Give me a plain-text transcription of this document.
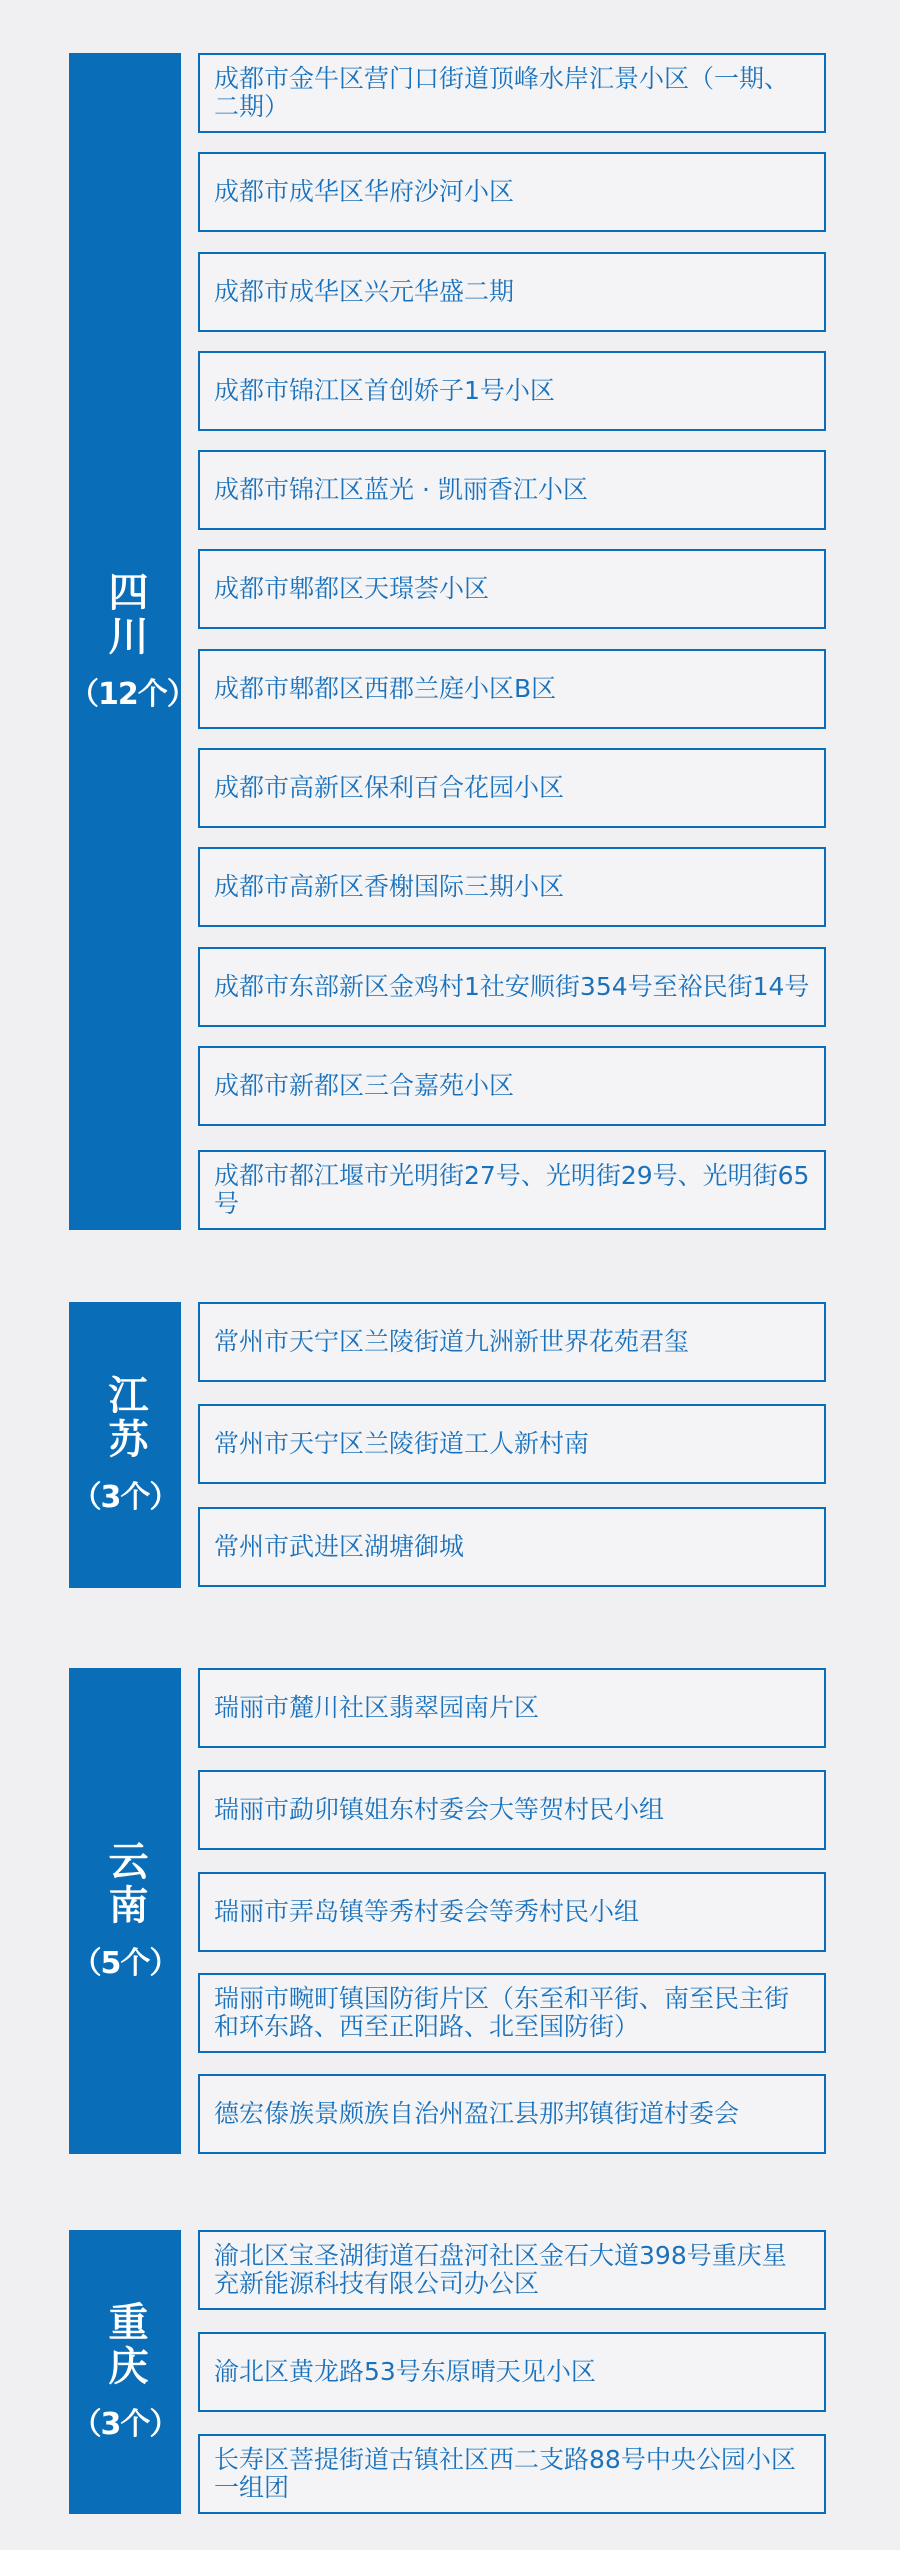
四川
（12个）
成都市金牛区营门口街道顶峰水岸汇景小区（一期、二期）
成都市成华区华府沙河小区
成都市成华区兴元华盛二期
成都市锦江区首创娇子1号小区
成都市锦江区蓝光 · 凯丽香江小区
成都市郫都区天璟荟小区
成都市郫都区西郡兰庭小区B区
成都市高新区保利百合花园小区
成都市高新区香榭国际三期小区
成都市东部新区金鸡村1社安顺街354号至裕民街14号
成都市新都区三合嘉苑小区
成都市都江堰市光明街27号、光明街29号、光明街65号
江苏
（3个）
常州市天宁区兰陵街道九洲新世界花苑君玺
常州市天宁区兰陵街道工人新村南
常州市武进区湖塘御城
云南
（5个）
瑞丽市麓川社区翡翠园南片区
瑞丽市勐卯镇姐东村委会大等贺村民小组
瑞丽市弄岛镇等秀村委会等秀村民小组
瑞丽市畹町镇国防街片区（东至和平街、南至民主街和环东路、西至正阳路、北至国防街）
德宏傣族景颇族自治州盈江县那邦镇街道村委会
重庆
（3个）
渝北区宝圣湖街道石盘河社区金石大道398号重庆星充新能源科技有限公司办公区
渝北区黄龙路53号东原晴天见小区
长寿区菩提街道古镇社区西二支路88号中央公园小区一组团
